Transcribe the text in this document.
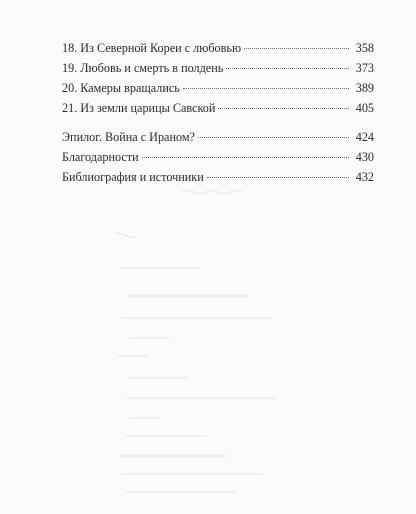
18. Из Северной Кореи с любовью	358
19. Любовь и смерть в полдень	373
20. Камеры вращались	389
21. Из земли царицы Савской	405
Эпилог. Война с Ираном?	424
Благодарности	430
Библиография и источники	432
